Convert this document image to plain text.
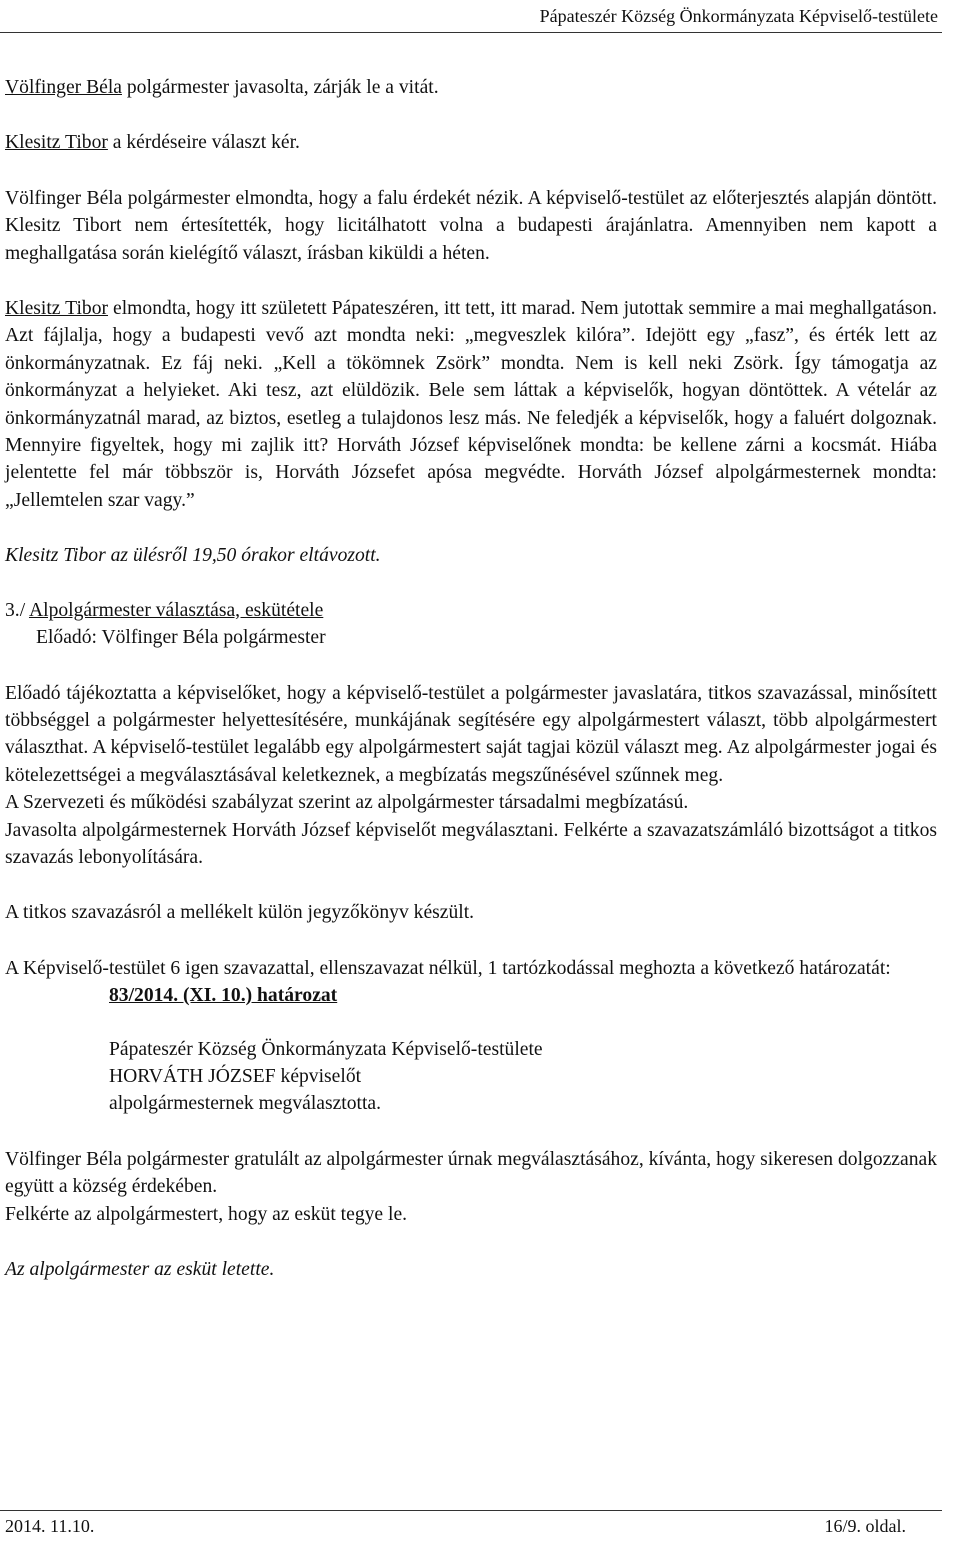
Pápateszér Község Önkormányzata Képviselő-testülete

Völfinger Béla polgármester javasolta, zárják le a vitát.

Klesitz Tibor a kérdéseire választ kér.

Völfinger Béla polgármester elmondta, hogy a falu érdekét nézik. A képviselő-testület az előterjesztés alapján döntött. Klesitz Tibort nem értesítették, hogy licitálhatott volna a budapesti árajánlatra. Amennyiben nem kapott a meghallgatása során kielégítő választ, írásban kiküldi a héten.

Klesitz Tibor elmondta, hogy itt született Pápateszéren, itt tett, itt marad. Nem jutottak semmire a mai meghallgatáson. Azt fájlalja, hogy a budapesti vevő azt mondta neki: „megveszlek kilóra”. Idejött egy „fasz”, és érték lett az önkormányzatnak. Ez fáj neki. „Kell a tökömnek Zsörk” mondta. Nem is kell neki Zsörk. Így támogatja az önkormányzat a helyieket. Aki tesz, azt elüldözik. Bele sem láttak a képviselők, hogyan döntöttek. A vételár az önkormányzatnál marad, az biztos, esetleg a tulajdonos lesz más. Ne feledjék a képviselők, hogy a faluért dolgoznak. Mennyire figyeltek, hogy mi zajlik itt? Horváth József képviselőnek mondta: be kellene zárni a kocsmát. Hiába jelentette fel már többször is, Horváth Józsefet apósa megvédte. Horváth József alpolgármesternek mondta: „Jellemtelen szar vagy.”

Klesitz Tibor az ülésről 19,50 órakor eltávozott.

3./ Alpolgármester választása, eskütétele

Előadó: Völfinger Béla polgármester

Előadó tájékoztatta a képviselőket, hogy a képviselő-testület a polgármester javaslatára, titkos szavazással, minősített többséggel a polgármester helyettesítésére, munkájának segítésére egy alpolgármestert választ, több alpolgármestert választhat. A képviselő-testület legalább egy alpolgármestert saját tagjai közül választ meg. Az alpolgármester jogai és kötelezettségei a megválasztásával keletkeznek, a megbízatás megszűnésével szűnnek meg.

A Szervezeti és működési szabályzat szerint az alpolgármester társadalmi megbízatású.

Javasolta alpolgármesternek Horváth József képviselőt megválasztani. Felkérte a szavazatszámláló bizottságot a titkos szavazás lebonyolítására.

A titkos szavazásról a mellékelt külön jegyzőkönyv készült.

A Képviselő-testület 6 igen szavazattal, ellenszavazat nélkül, 1 tartózkodással meghozta a következő határozatát:

83/2014. (XI. 10.) határozat

Pápateszér Község Önkormányzata Képviselő-testülete

HORVÁTH JÓZSEF képviselőt

alpolgármesternek megválasztotta.

Völfinger Béla polgármester gratulált az alpolgármester úrnak megválasztásához, kívánta, hogy sikeresen dolgozzanak együtt a község érdekében.

Felkérte az alpolgármestert, hogy az esküt tegye le.

Az alpolgármester az esküt letette.

2014. 11.10.	16/9. oldal.
